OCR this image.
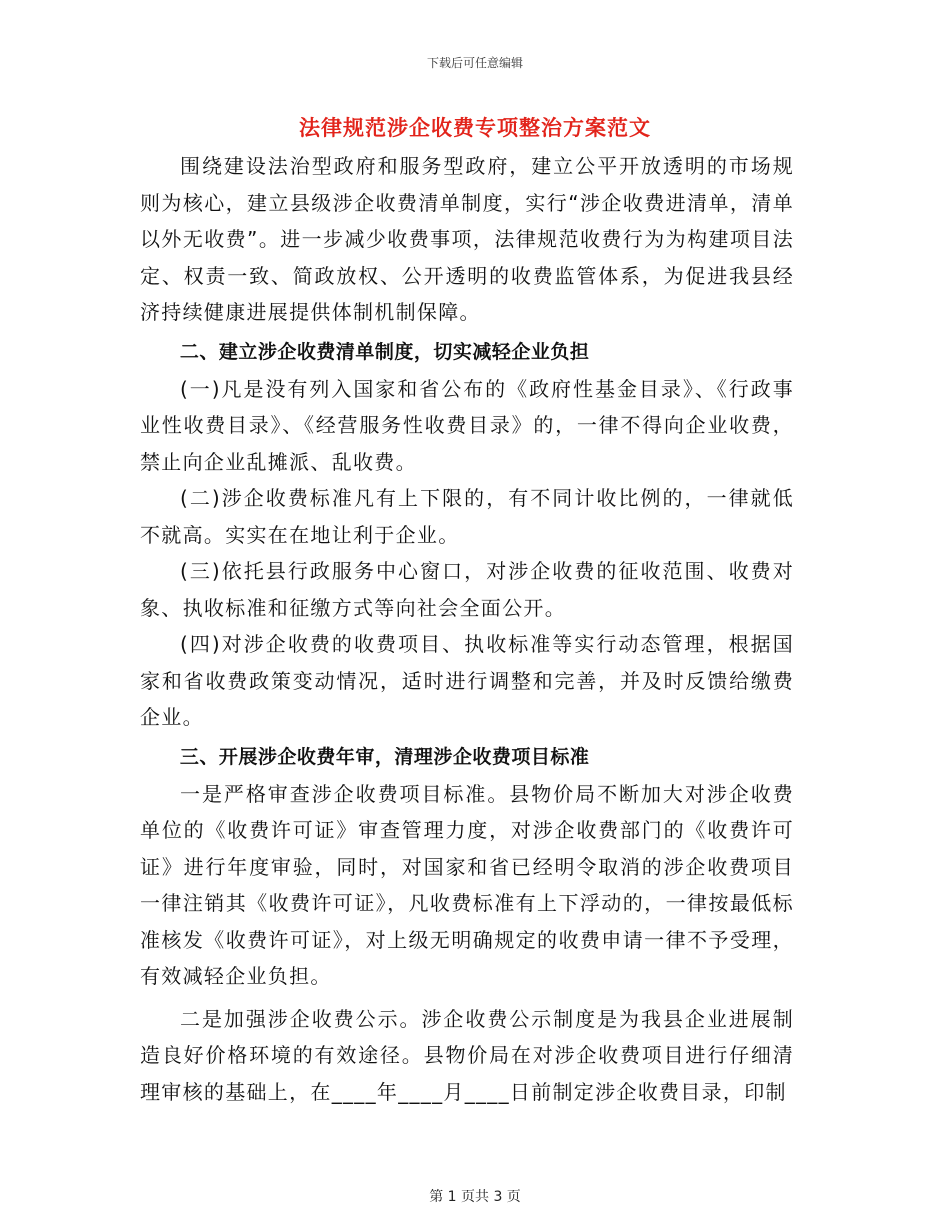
下载后可任意编辑
法律规范涉企收费专项整治方案范文

围绕建设法治型政府和服务型政府，建立公平开放透明的市场规则为核心，建立县级涉企收费清单制度，实行“涉企收费进清单，清单以外无收费”。进一步减少收费事项，法律规范收费行为为构建项目法定、权责一致、简政放权、公开透明的收费监管体系，为促进我县经济持续健康进展提供体制机制保障。

二、建立涉企收费清单制度，切实减轻企业负担

(一)凡是没有列入国家和省公布的《政府性基金目录》、《行政事业性收费目录》、《经营服务性收费目录》的，一律不得向企业收费，禁止向企业乱摊派、乱收费。

(二)涉企收费标准凡有上下限的，有不同计收比例的，一律就低不就高。实实在在地让利于企业。

(三)依托县行政服务中心窗口，对涉企收费的征收范围、收费对象、执收标准和征缴方式等向社会全面公开。

(四)对涉企收费的收费项目、执收标准等实行动态管理，根据国家和省收费政策变动情况，适时进行调整和完善，并及时反馈给缴费企业。

三、开展涉企收费年审，清理涉企收费项目标准

一是严格审查涉企收费项目标准。县物价局不断加大对涉企收费单位的《收费许可证》审查管理力度，对涉企收费部门的《收费许可证》进行年度审验，同时，对国家和省已经明令取消的涉企收费项目一律注销其《收费许可证》，凡收费标准有上下浮动的，一律按最低标准核发《收费许可证》，对上级无明确规定的收费申请一律不予受理，有效减轻企业负担。

二是加强涉企收费公示。涉企收费公示制度是为我县企业进展制造良好价格环境的有效途径。县物价局在对涉企收费项目进行仔细清理审核的基础上，在____年____月____日前制定涉企收费目录，印制

第 1 页共 3 页
